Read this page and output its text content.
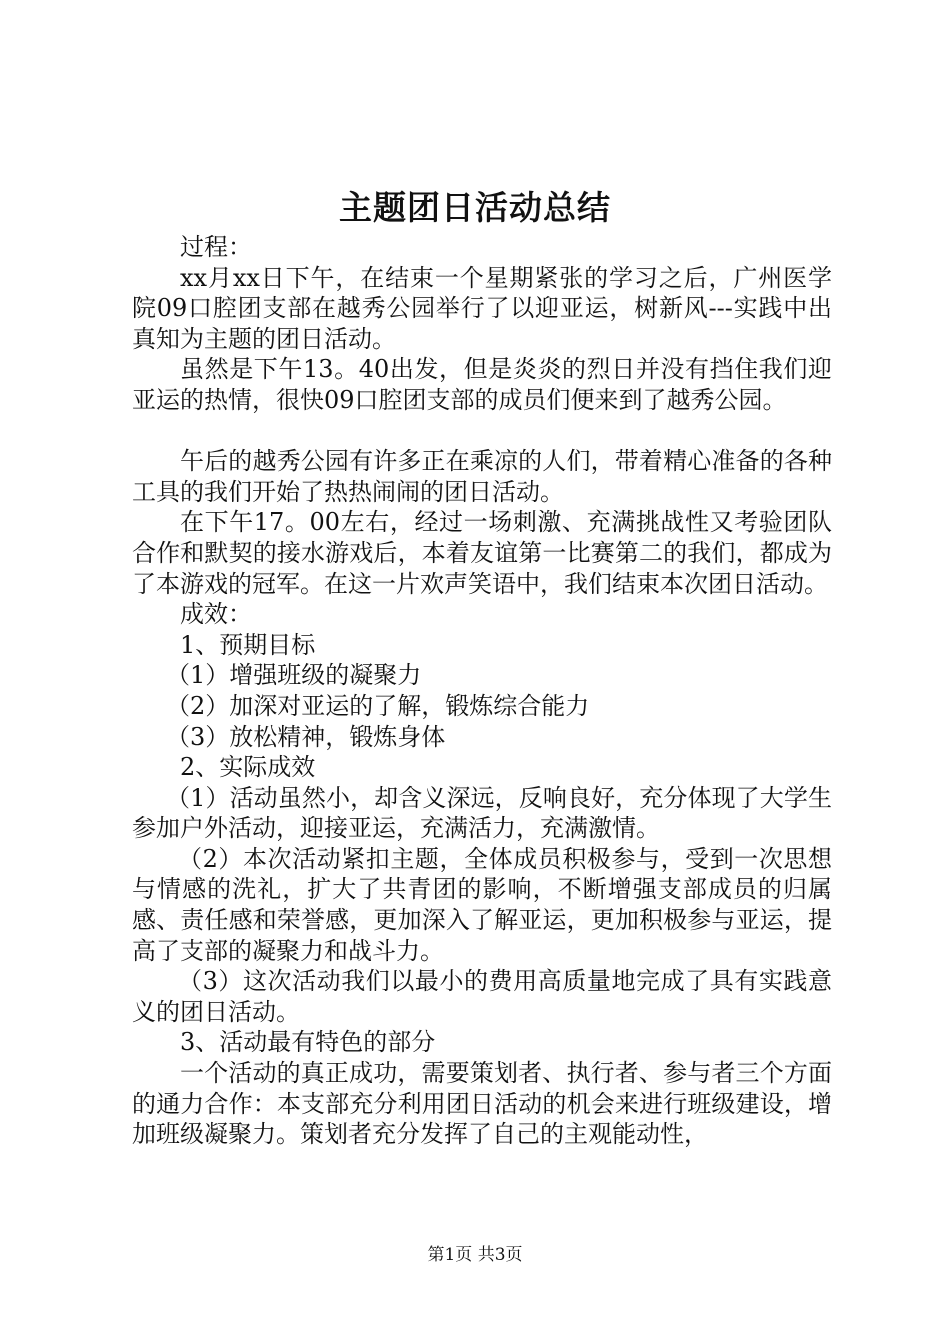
主题团日活动总结

过程：

xx月xx日下午，在结束一个星期紧张的学习之后，广州医学院09口腔团支部在越秀公园举行了以迎亚运，树新风---实践中出真知为主题的团日活动。

虽然是下午13。40出发，但是炎炎的烈日并没有挡住我们迎亚运的热情，很快09口腔团支部的成员们便来到了越秀公园。

午后的越秀公园有许多正在乘凉的人们，带着精心准备的各种工具的我们开始了热热闹闹的团日活动。

在下午17。00左右，经过一场刺激、充满挑战性又考验团队合作和默契的接水游戏后，本着友谊第一比赛第二的我们，都成为了本游戏的冠军。在这一片欢声笑语中，我们结束本次团日活动。

成效：

1、预期目标

（1）增强班级的凝聚力

（2）加深对亚运的了解，锻炼综合能力

（3）放松精神，锻炼身体

2、实际成效

（1）活动虽然小，却含义深远，反响良好，充分体现了大学生参加户外活动，迎接亚运，充满活力，充满激情。

（2）本次活动紧扣主题，全体成员积极参与，受到一次思想与情感的洗礼，扩大了共青团的影响，不断增强支部成员的归属感、责任感和荣誉感，更加深入了解亚运，更加积极参与亚运，提高了支部的凝聚力和战斗力。

（3）这次活动我们以最小的费用高质量地完成了具有实践意义的团日活动。

3、活动最有特色的部分

一个活动的真正成功，需要策划者、执行者、参与者三个方面的通力合作：本支部充分利用团日活动的机会来进行班级建设，增加班级凝聚力。策划者充分发挥了自己的主观能动性，

第1页 共3页
